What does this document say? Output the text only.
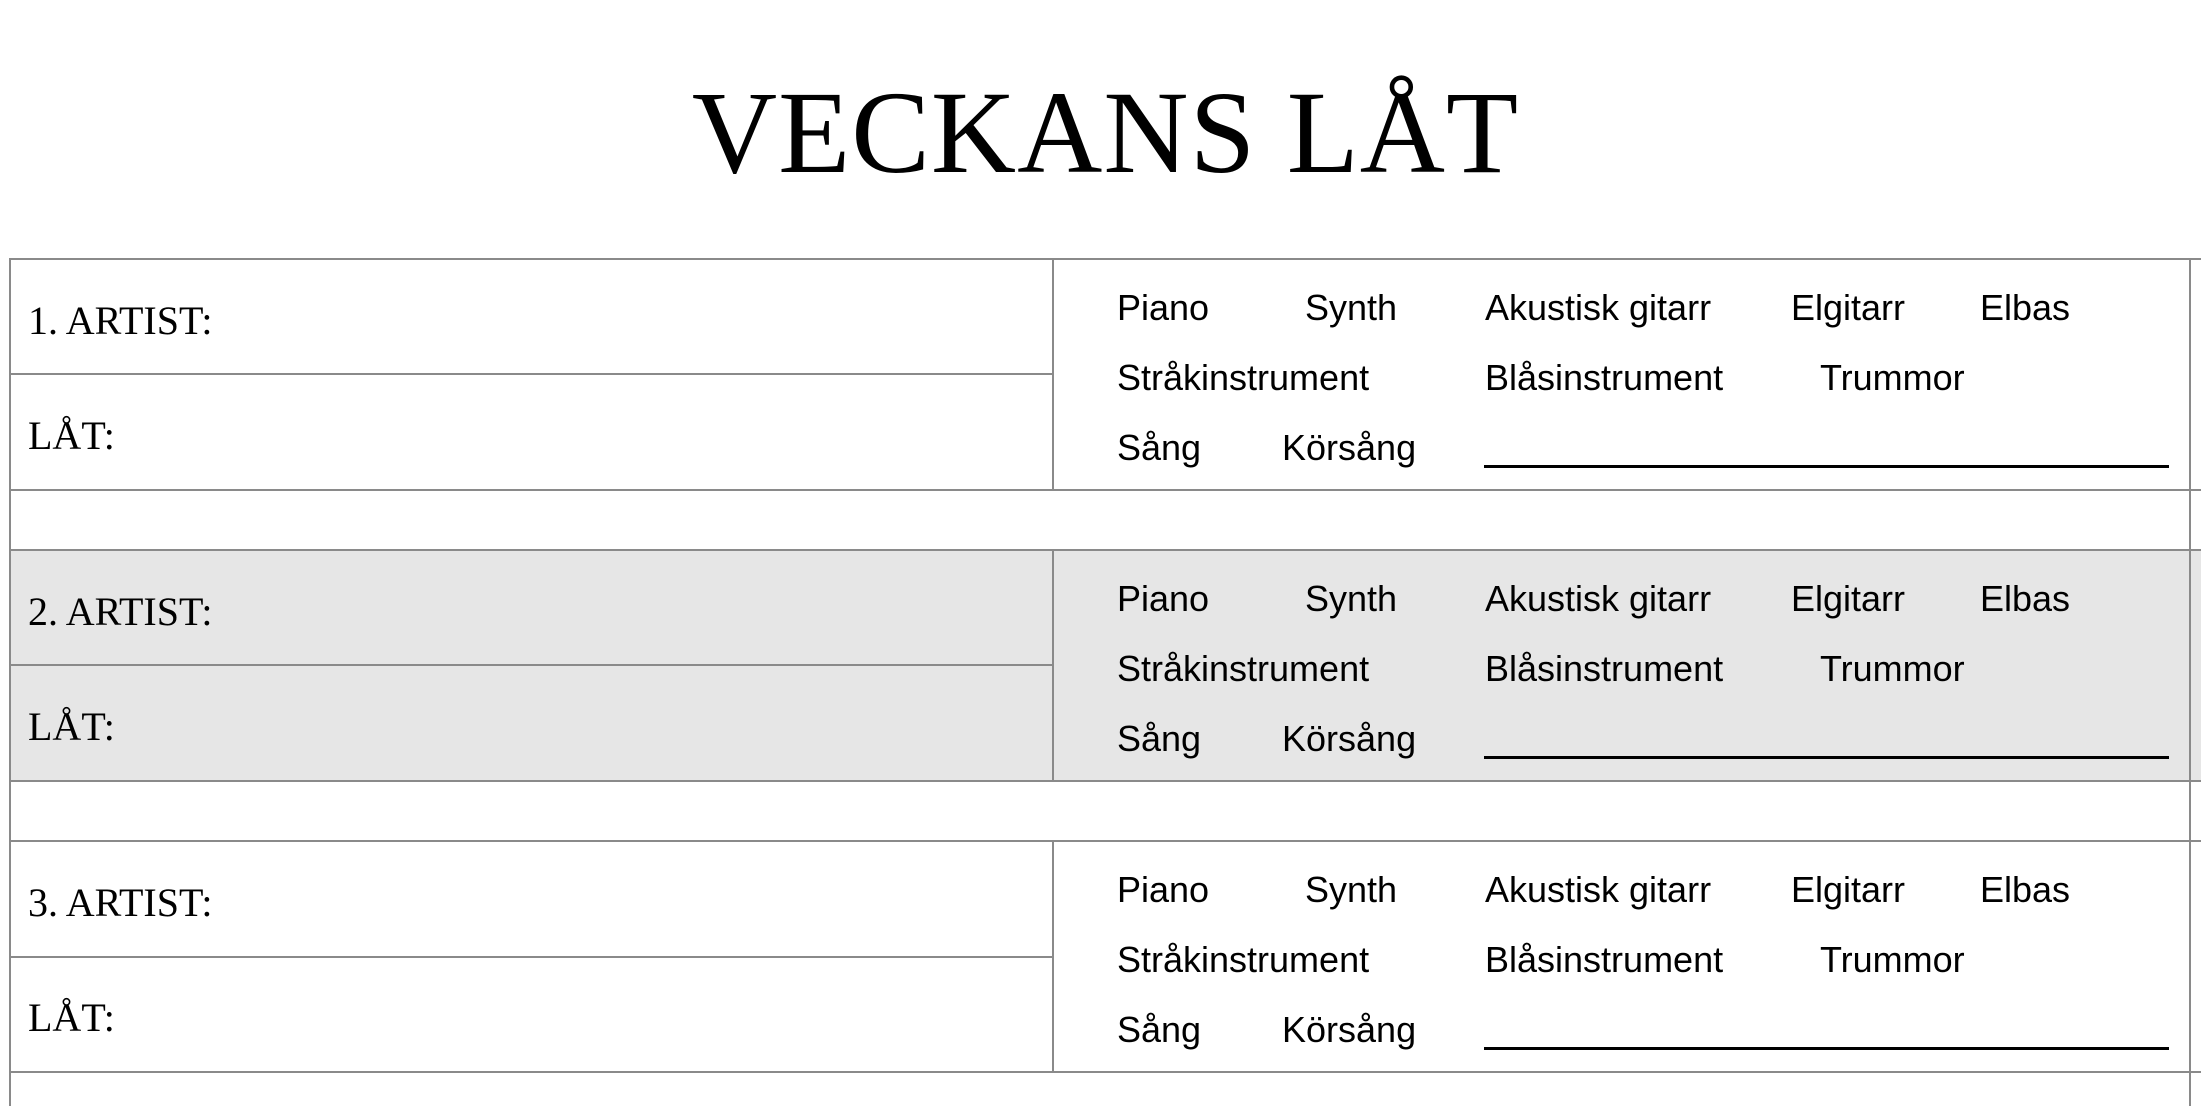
VECKANS LÅT
1. ARTIST:
LÅT:
Piano	Synth Akustisk gitarr Elgitarr Elbas
Stråkinstrument	Blåsinstrument	Trummor
Sång Körsång
2. ARTIST:
LÅT:
Piano	Synth Akustisk gitarr Elgitarr Elbas
Stråkinstrument	Blåsinstrument	Trummor
Sång Körsång
3. ARTIST:
LÅT:
Piano	Synth Akustisk gitarr Elgitarr Elbas
Stråkinstrument	Blåsinstrument	Trummor
Sång Körsång
